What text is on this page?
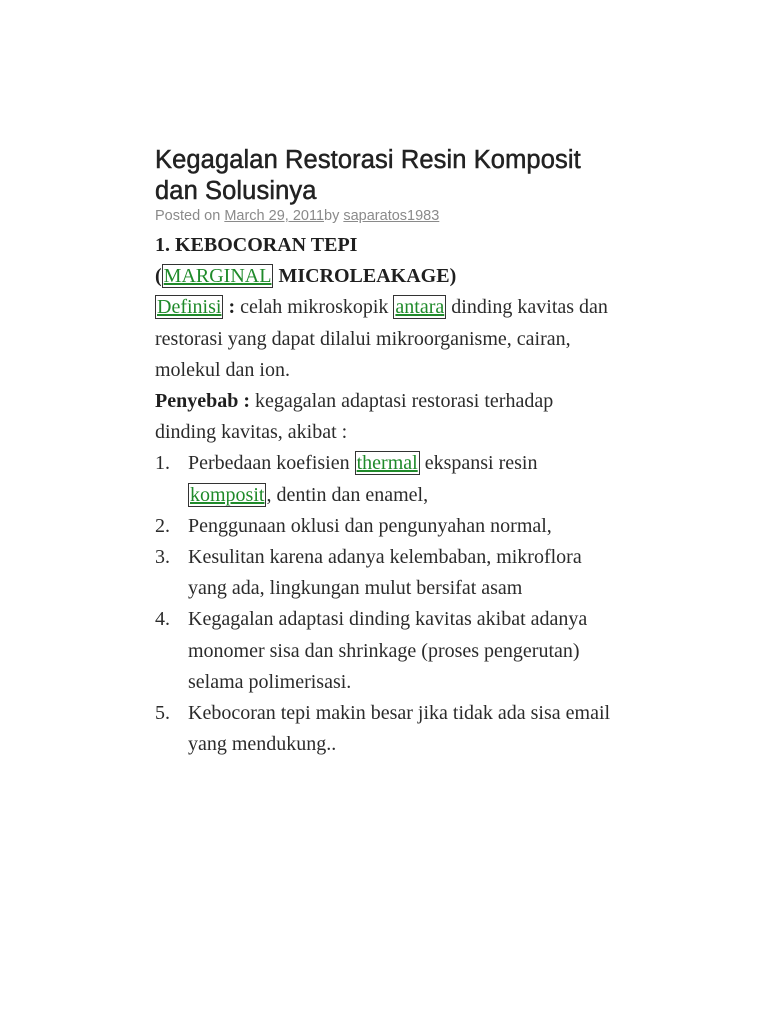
Kegagalan Restorasi Resin Komposit dan Solusinya

Posted on March 29, 2011by saparatos1983

1. KEBOCORAN TEPI
( MARGINAL MICROLEAKAGE)
Definisi : celah mikroskopik antara dinding kavitas dan restorasi yang dapat dilalui mikroorganisme, cairan, molekul dan ion.
Penyebab : kegagalan adaptasi restorasi terhadap dinding kavitas, akibat :
1. Perbedaan koefisien thermal ekspansi resin komposit , dentin dan enamel,
2. Penggunaan oklusi dan pengunyahan normal,
3. Kesulitan karena adanya kelembaban, mikroflora yang ada, lingkungan mulut bersifat asam
4. Kegagalan adaptasi dinding kavitas akibat adanya monomer sisa dan shrinkage (proses pengerutan) selama polimerisasi.
5. Kebocoran tepi makin besar jika tidak ada sisa email yang mendukung..
